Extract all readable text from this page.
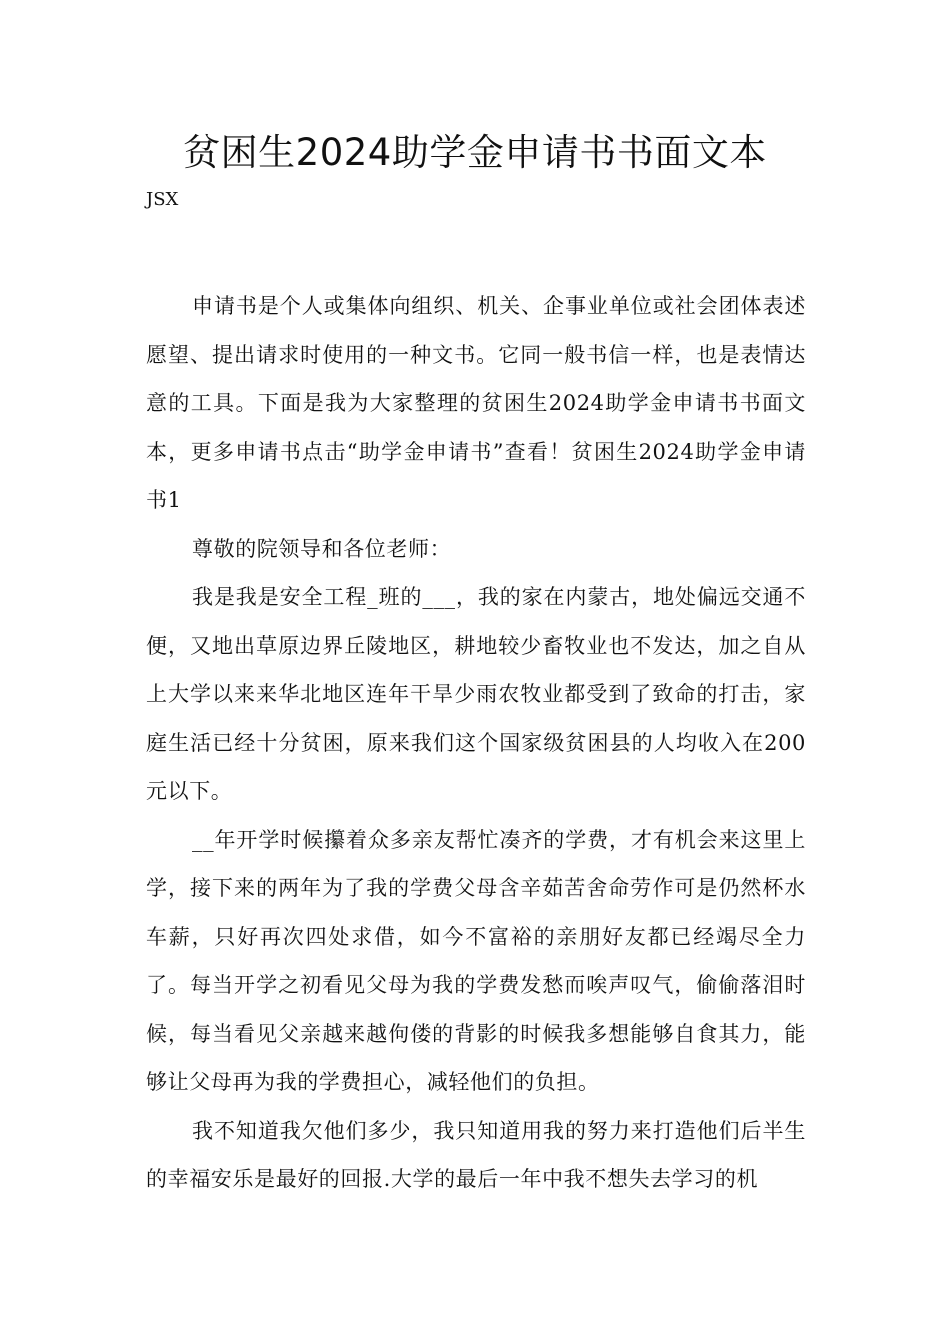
贫困生2024助学金申请书书面文本

JSX

申请书是个人或集体向组织、机关、企事业单位或社会团体表述愿望、提出请求时使用的一种文书。它同一般书信一样，也是表情达意的工具。下面是我为大家整理的贫困生2024助学金申请书书面文本，更多申请书点击“助学金申请书”查看！贫困生2024助学金申请书1

尊敬的院领导和各位老师：

我是我是安全工程_班的___，我的家在内蒙古，地处偏远交通不便，又地出草原边界丘陵地区，耕地较少畜牧业也不发达，加之自从上大学以来来华北地区连年干旱少雨农牧业都受到了致命的打击，家庭生活已经十分贫困，原来我们这个国家级贫困县的人均收入在200元以下。

__年开学时候攥着众多亲友帮忙凑齐的学费，才有机会来这里上学，接下来的两年为了我的学费父母含辛茹苦舍命劳作可是仍然杯水车薪，只好再次四处求借，如今不富裕的亲朋好友都已经竭尽全力了。每当开学之初看见父母为我的学费发愁而唉声叹气，偷偷落泪时候，每当看见父亲越来越佝偻的背影的时候我多想能够自食其力，能够让父母再为我的学费担心，减轻他们的负担。

我不知道我欠他们多少，我只知道用我的努力来打造他们后半生的幸福安乐是最好的回报.大学的最后一年中我不想失去学习的机
